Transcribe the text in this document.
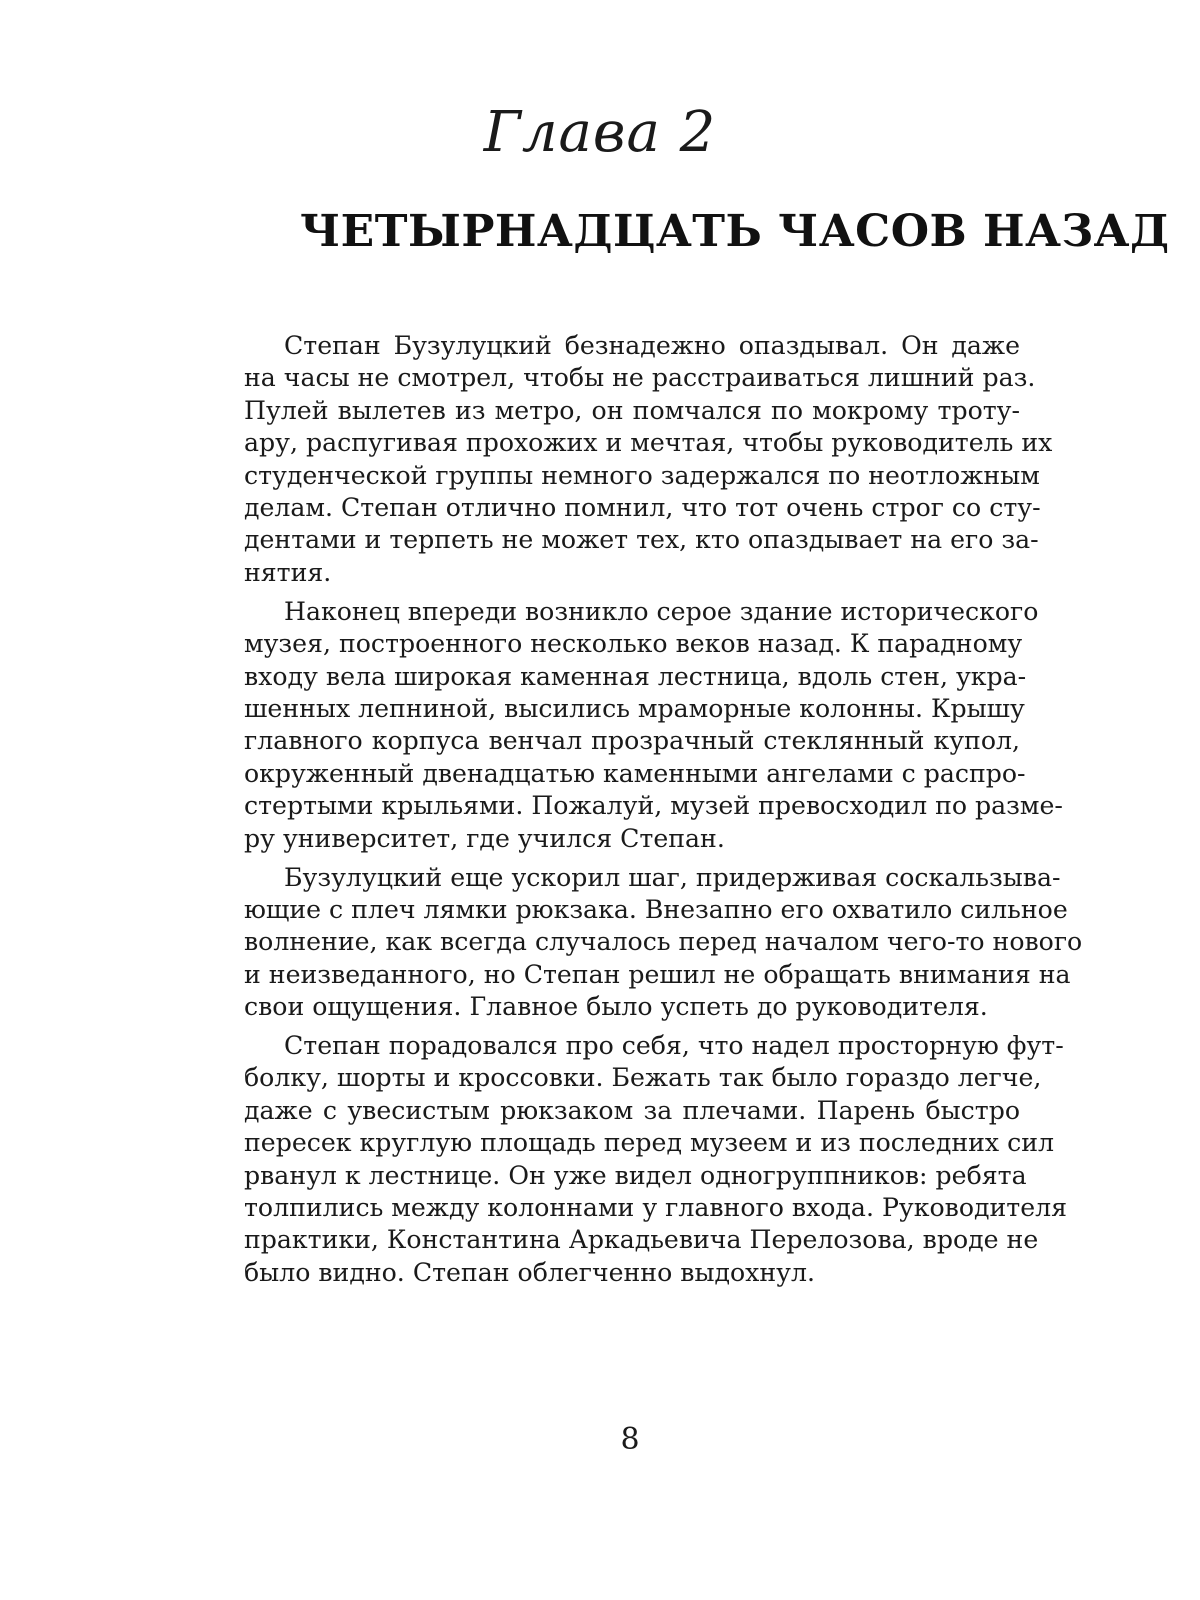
Глава 2
ЧЕТЫРНАДЦАТЬ ЧАСОВ НАЗАД

Степан Бузулуцкий безнадежно опаздывал. Он даже
на часы не смотрел, чтобы не расстраиваться лишний раз.
Пулей вылетев из метро, он помчался по мокрому троту-
ару, распугивая прохожих и мечтая, чтобы руководитель их
студенческой группы немного задержался по неотложным
делам. Степан отлично помнил, что тот очень строг со сту-
дентами и терпеть не может тех, кто опаздывает на его за-
нятия.

Наконец впереди возникло серое здание исторического
музея, построенного несколько веков назад. К парадному
входу вела широкая каменная лестница, вдоль стен, укра-
шенных лепниной, высились мраморные колонны. Крышу
главного корпуса венчал прозрачный стеклянный купол,
окруженный двенадцатью каменными ангелами с распро-
стертыми крыльями. Пожалуй, музей превосходил по разме-
ру университет, где учился Степан.

Бузулуцкий еще ускорил шаг, придерживая соскальзыва-
ющие с плеч лямки рюкзака. Внезапно его охватило сильное
волнение, как всегда случалось перед началом чего-то нового
и неизведанного, но Степан решил не обращать внимания на
свои ощущения. Главное было успеть до руководителя.

Степан порадовался про себя, что надел просторную фут-
болку, шорты и кроссовки. Бежать так было гораздо легче,
даже с увесистым рюкзаком за плечами. Парень быстро
пересек круглую площадь перед музеем и из последних сил
рванул к лестнице. Он уже видел одногруппников: ребята
толпились между колоннами у главного входа. Руководителя
практики, Константина Аркадьевича Перелозова, вроде не
было видно. Степан облегченно выдохнул.

8
